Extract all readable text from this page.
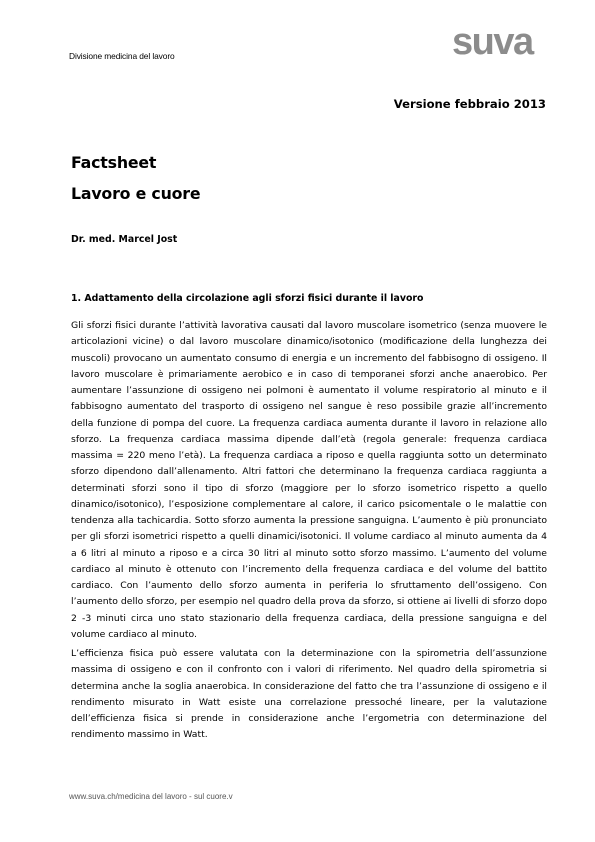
Divisione medicina del lavoro	suva
Versione febbraio 2013
Factsheet
Lavoro e cuore
Dr. med. Marcel Jost
1. Adattamento della circolazione agli sforzi fisici durante il lavoro
Gli sforzi fisici durante l’attività lavorativa causati dal lavoro muscolare isometrico (senza muovere le articolazioni vicine) o dal lavoro muscolare dinamico/isotonico (modificazione della lunghezza dei muscoli) provocano un aumentato consumo di energia e un incremento del fabbisogno di ossigeno. Il lavoro muscolare è primariamente aerobico e in caso di temporanei sforzi anche anaerobico. Per aumentare l’assunzione di ossigeno nei polmoni è aumentato il volume respiratorio al minuto e il fabbisogno aumentato del trasporto di ossigeno nel sangue è reso possibile grazie all’incremento della funzione di pompa del cuore. La frequenza cardiaca aumenta durante il lavoro in relazione allo sforzo. La frequenza cardiaca massima dipende dall’età (regola generale: frequenza cardiaca massima = 220 meno l’età). La frequenza cardiaca a riposo e quella raggiunta sotto un determinato sforzo dipendono dall’allenamento. Altri fattori che determinano la frequenza cardiaca raggiunta a determinati sforzi sono il tipo di sforzo (maggiore per lo sforzo isometrico rispetto a quello dinamico/isotonico), l’esposizione complementare al calore, il carico psicomentale o le malattie con tendenza alla tachicardia. Sotto sforzo aumenta la pressione sanguigna. L’aumento è più pronunciato per gli sforzi isometrici rispetto a quelli dinamici/isotonici. Il volume cardiaco al minuto aumenta da 4 a 6 litri al minuto a riposo e a circa 30 litri al minuto sotto sforzo massimo. L’aumento del volume cardiaco al minuto è ottenuto con l’incremento della frequenza cardiaca e del volume del battito cardiaco. Con l’aumento dello sforzo aumenta in periferia lo sfruttamento dell’ossigeno. Con l’aumento dello sforzo, per esempio nel quadro della prova da sforzo, si ottiene ai livelli di sforzo dopo 2 -3 minuti circa uno stato stazionario della frequenza cardiaca, della pressione sanguigna e del volume cardiaco al minuto.
L’efficienza fisica può essere valutata con la determinazione con la spirometria dell’assunzione massima di ossigeno e con il confronto con i valori di riferimento. Nel quadro della spirometria si determina anche la soglia anaerobica. In considerazione del fatto che tra l’assunzione di ossigeno e il rendimento misurato in Watt esiste una correlazione pressoché lineare, per la valutazione dell’efficienza fisica si prende in considerazione anche l’ergometria con determinazione del rendimento massimo in Watt.
www.suva.ch/medicina del lavoro - sul cuore.v
